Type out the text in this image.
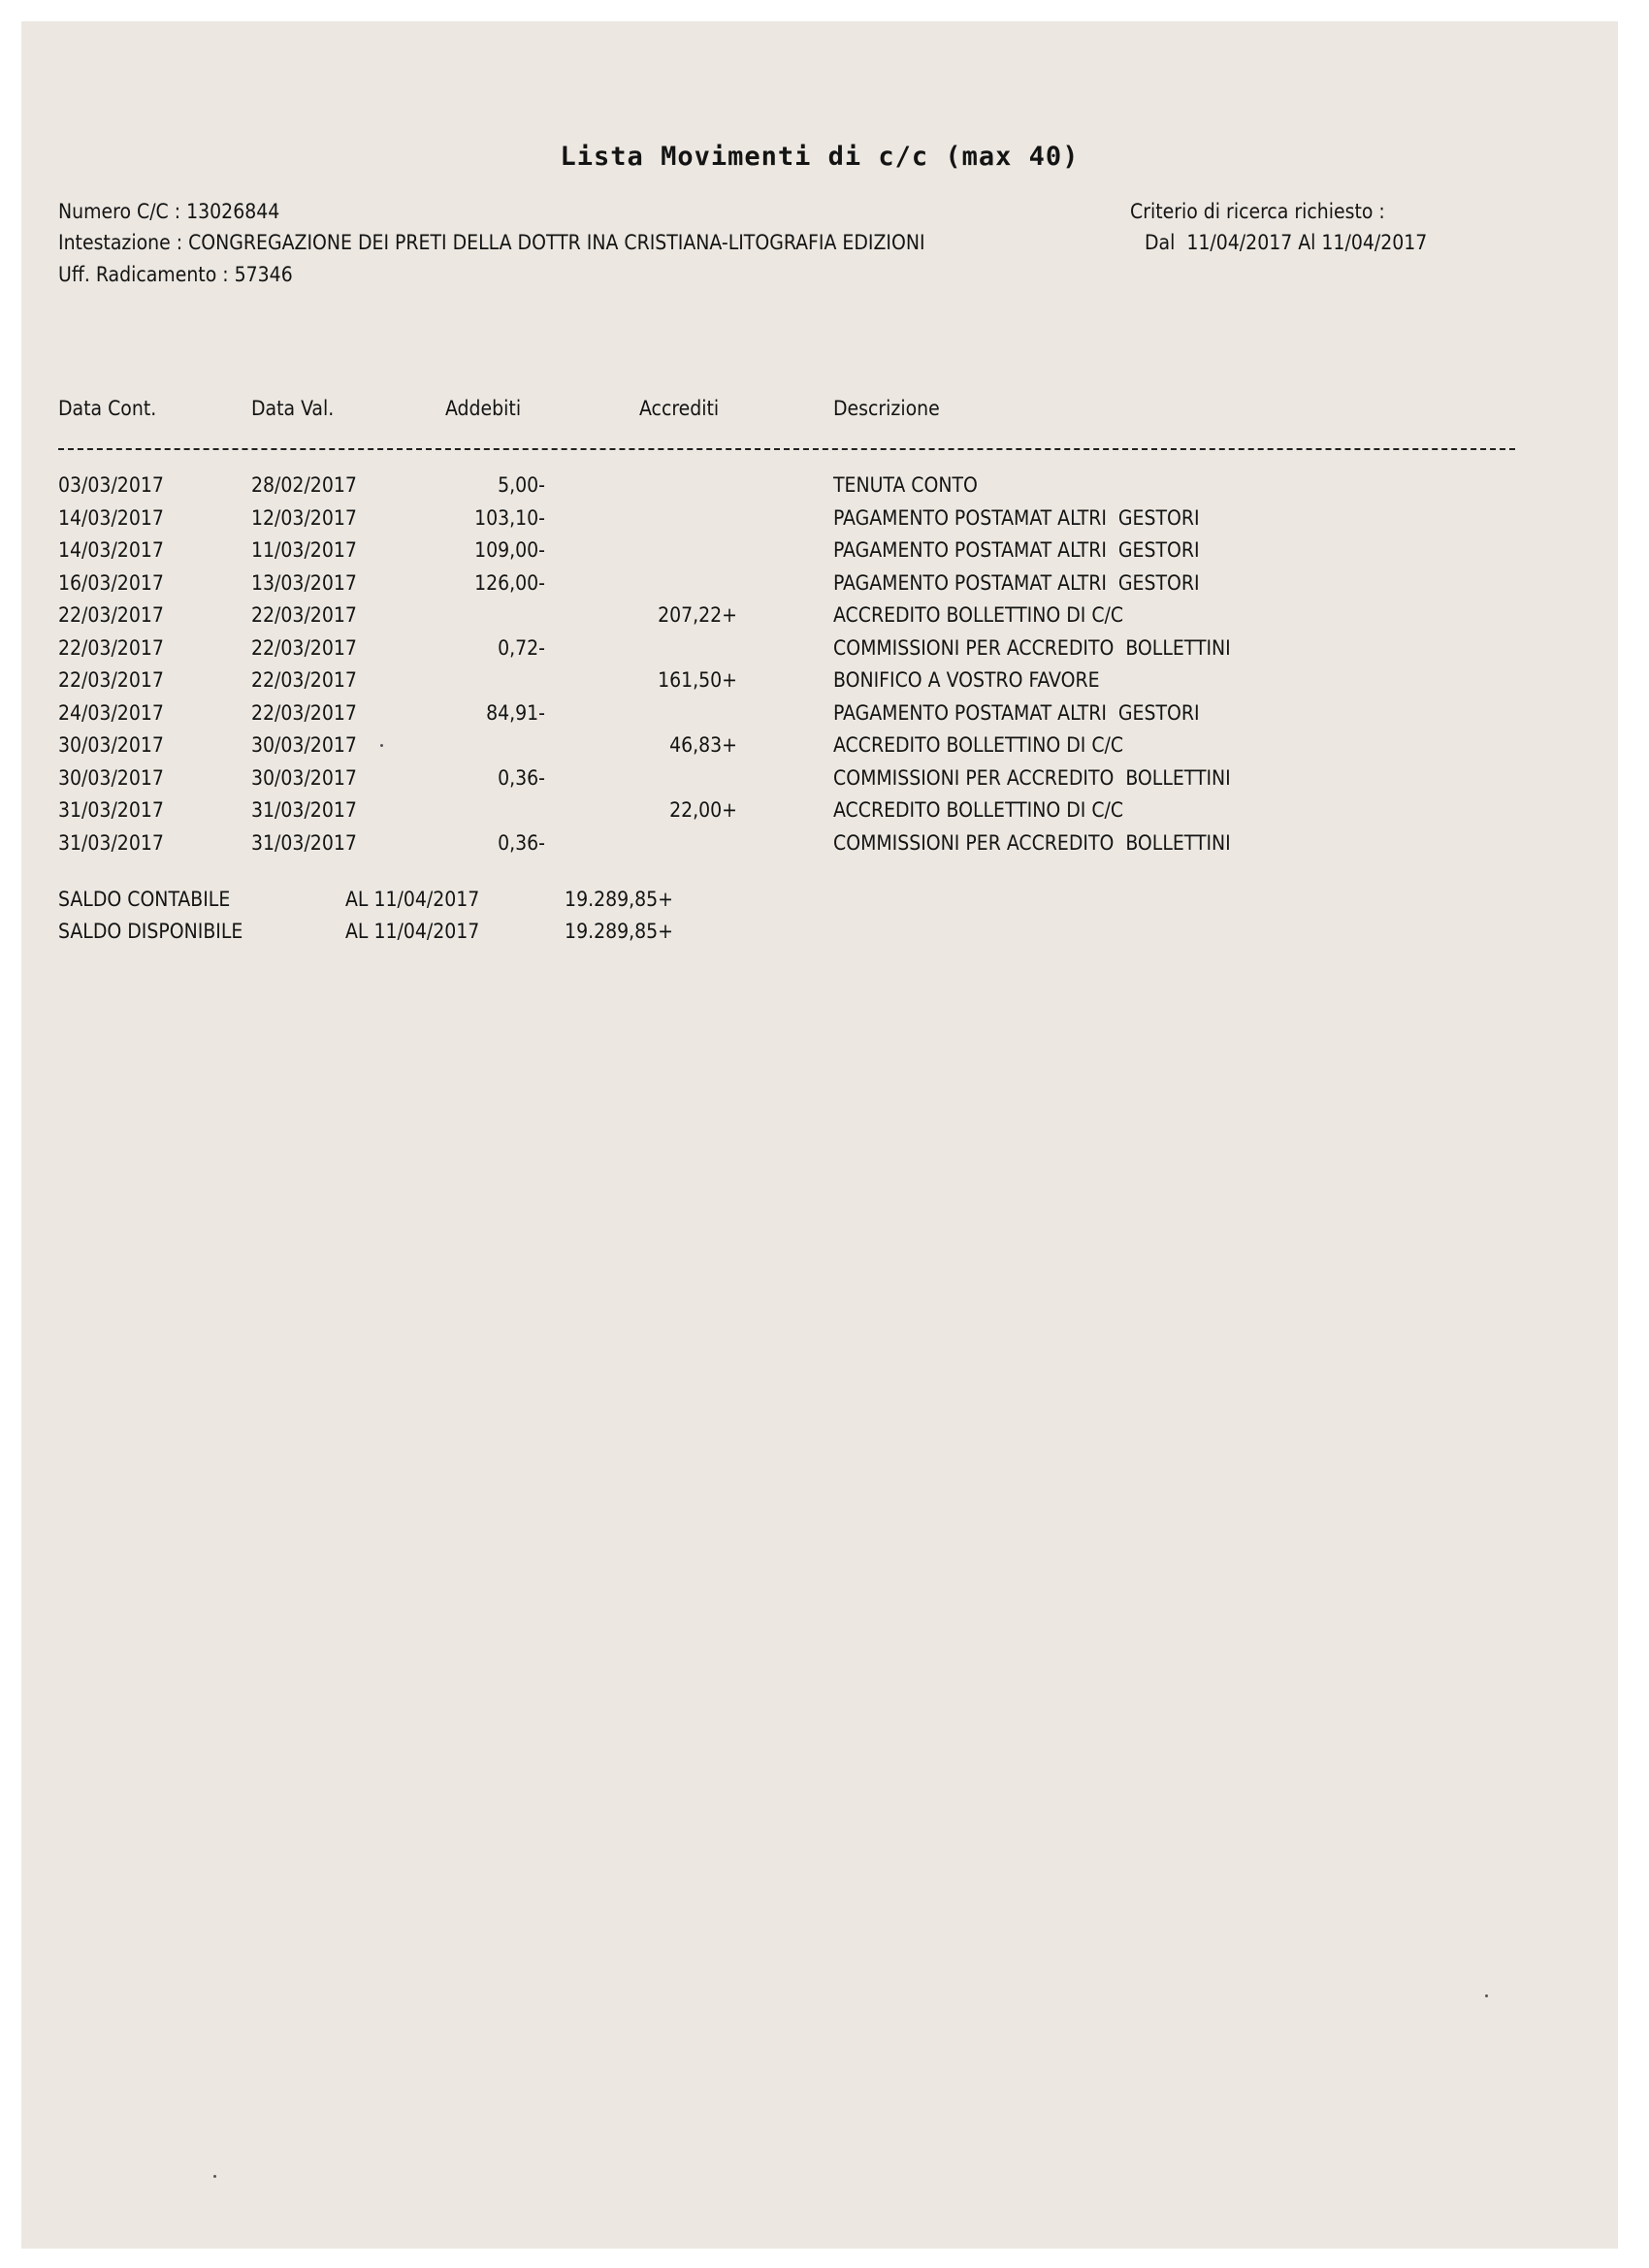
Lista Movimenti di c/c (max 40)
Numero C/C : 13026844
Intestazione : CONGREGAZIONE DEI PRETI DELLA DOTTR INA CRISTIANA-LITOGRAFIA EDIZIONI
Uff. Radicamento : 57346
Criterio di ricerca richiesto :
Dal  11/04/2017 Al 11/04/2017
Data Cont.	Data Val.	Addebiti	Accrediti	Descrizione
03/03/2017	28/02/2017	5,00-	TENUTA CONTO
14/03/2017	12/03/2017	103,10-	PAGAMENTO POSTAMAT ALTRI  GESTORI
14/03/2017	11/03/2017	109,00-	PAGAMENTO POSTAMAT ALTRI  GESTORI
16/03/2017	13/03/2017	126,00-	PAGAMENTO POSTAMAT ALTRI  GESTORI
22/03/2017	22/03/2017	207,22+	ACCREDITO BOLLETTINO DI C/C
22/03/2017	22/03/2017	0,72-	COMMISSIONI PER ACCREDITO  BOLLETTINI
22/03/2017	22/03/2017	161,50+	BONIFICO A VOSTRO FAVORE
24/03/2017	22/03/2017	84,91-	PAGAMENTO POSTAMAT ALTRI  GESTORI
30/03/2017	30/03/2017	46,83+	ACCREDITO BOLLETTINO DI C/C
30/03/2017	30/03/2017	0,36-	COMMISSIONI PER ACCREDITO  BOLLETTINI
31/03/2017	31/03/2017	22,00+	ACCREDITO BOLLETTINO DI C/C
31/03/2017	31/03/2017	0,36-	COMMISSIONI PER ACCREDITO  BOLLETTINI
SALDO CONTABILE	AL 11/04/2017	19.289,85+
SALDO DISPONIBILE	AL 11/04/2017	19.289,85+
